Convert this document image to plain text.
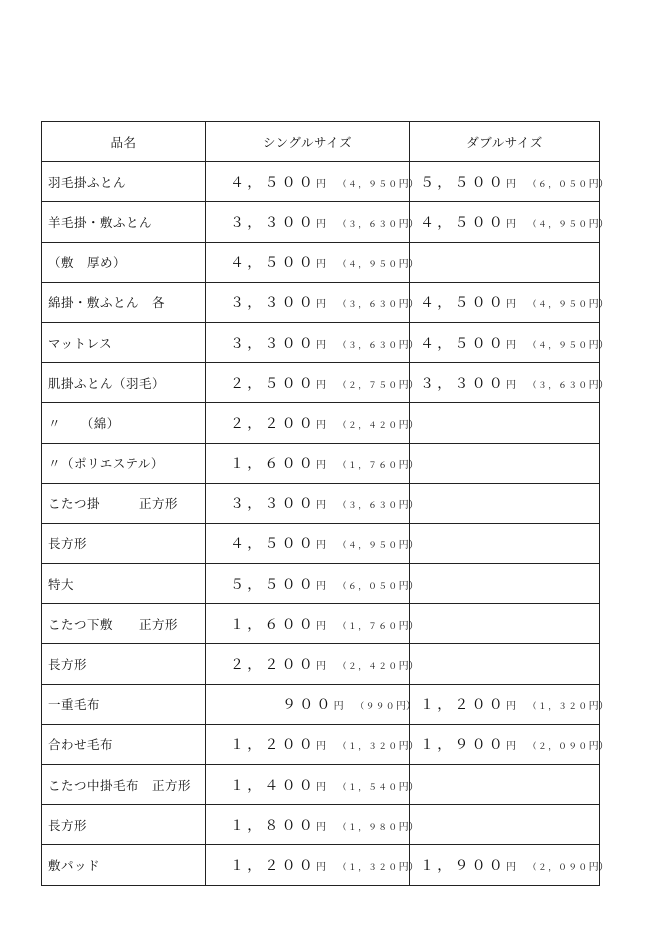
品名	シングルサイズ	ダブルサイズ
羽毛掛ふとん	４，５００円 （４，９５０円）	５，５００円 （６，０５０円）
羊毛掛・敷ふとん	３，３００円 （３，６３０円）	４，５００円 （４，９５０円）
（敷　厚め）	４，５００円 （４，９５０円）	
綿掛・敷ふとん　各	３，３００円 （３，６３０円）	４，５００円 （４，９５０円）
マットレス	３，３００円 （３，６３０円）	４，５００円 （４，９５０円）
肌掛ふとん（羽毛）	２，５００円 （２，７５０円）	３，３００円 （３，６３０円）
〃　　（綿）	２，２００円 （２，４２０円）	
〃（ポリエステル）	１，６００円 （１，７６０円）	
こたつ掛　　　正方形	３，３００円 （３，６３０円）	
長方形	４，５００円 （４，９５０円）	
特大	５，５００円 （６，０５０円）	
こたつ下敷　　正方形	１，６００円 （１，７６０円）	
長方形	２，２００円 （２，４２０円）	
一重毛布	９００円 （９９０円）	１，２００円 （１，３２０円）
合わせ毛布	１，２００円 （１，３２０円）	１，９００円 （２，０９０円）
こたつ中掛毛布　正方形	１，４００円 （１，５４０円）	
長方形	１，８００円 （１，９８０円）	
敷パッド	１，２００円 （１，３２０円）	１，９００円 （２，０９０円）
